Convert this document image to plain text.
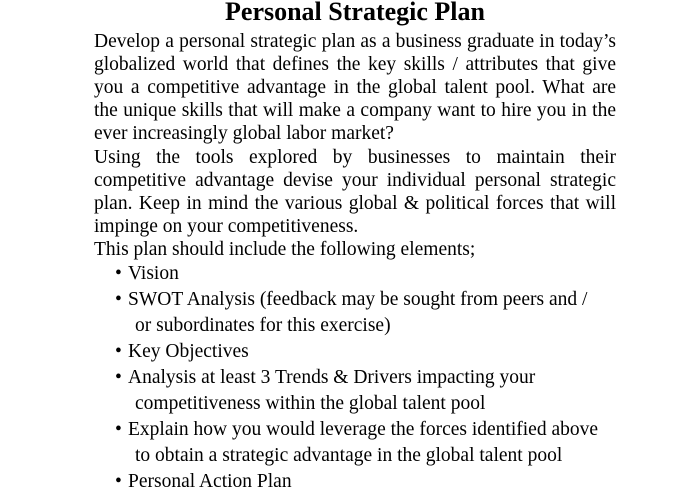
Personal Strategic Plan

Develop a personal strategic plan as a business graduate in today’s globalized world that defines the key skills / attributes that give you a competitive advantage in the global talent pool. What are the unique skills that will make a company want to hire you in the ever increasingly global labor market?

Using the tools explored by businesses to maintain their competitive advantage devise your individual personal strategic plan. Keep in mind the various global & political forces that will impinge on your competitiveness.

This plan should include the following elements;

• Vision
• SWOT Analysis (feedback may be sought from peers and /
or subordinates for this exercise)
• Key Objectives
• Analysis at least 3 Trends & Drivers impacting your
competitiveness within the global talent pool
• Explain how you would leverage the forces identified above
to obtain a strategic advantage in the global talent pool
• Personal Action Plan
